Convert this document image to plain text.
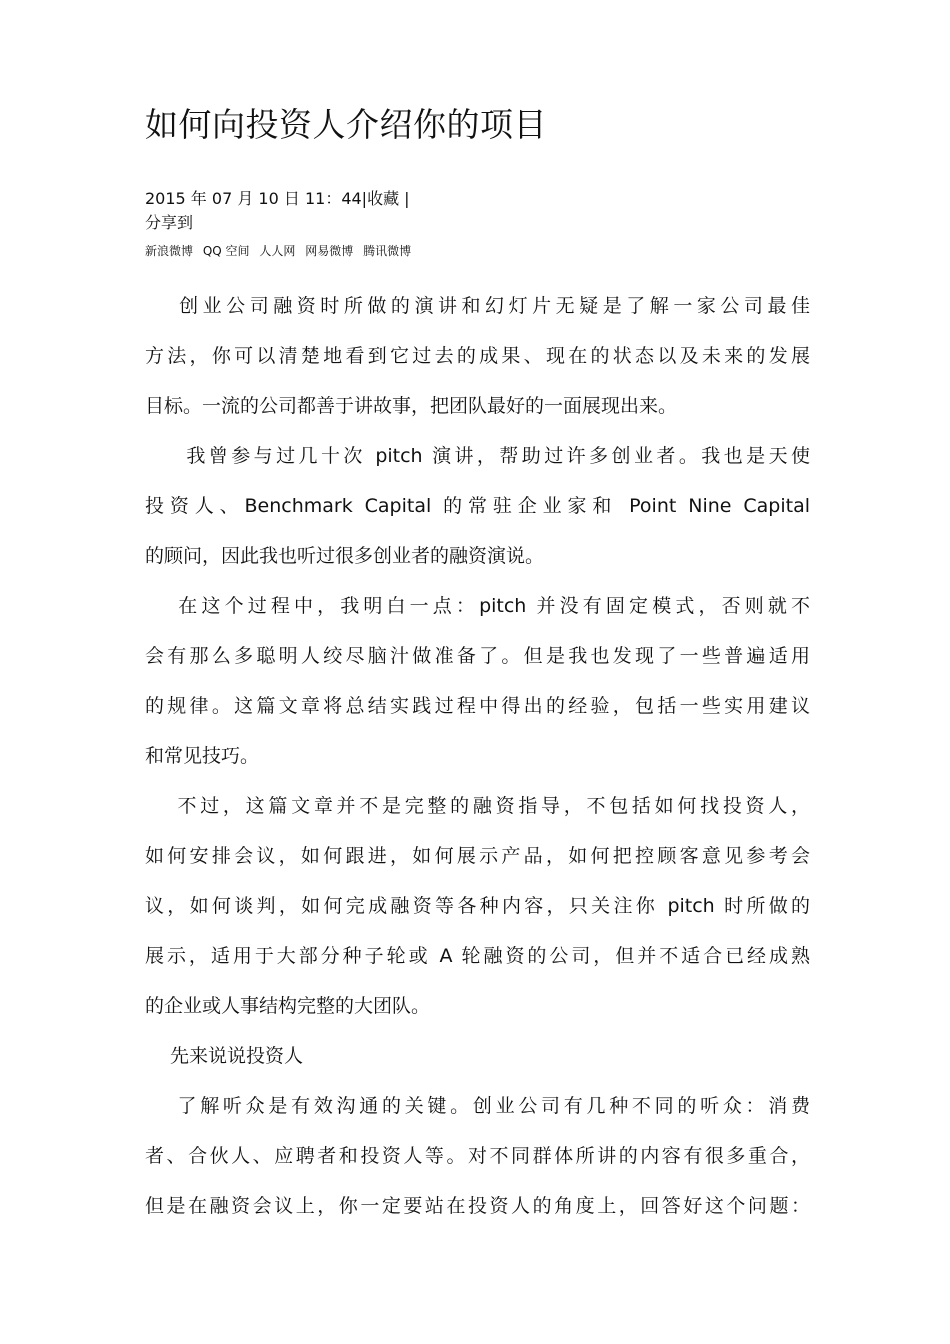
如何向投资人介绍你的项目
2015 年 07 月 10 日 11：44|收藏 |
分享到
新浪微博 QQ 空间 人人网 网易微博 腾讯微博

　 创业公司融资时所做的演讲和幻灯片无疑是了解一家公司最佳
方法，你可以清楚地看到它过去的成果、现在的状态以及未来的发展
目标。一流的公司都善于讲故事，把团队最好的一面展现出来。

　  我曾参与过几十次 pitch 演讲，帮助过许多创业者。我也是天使
投资人、Benchmark Capital 的常驻企业家和 Point Nine Capital
的顾问，因此我也听过很多创业者的融资演说。

　 在这个过程中，我明白一点：pitch 并没有固定模式，否则就不
会有那么多聪明人绞尽脑汁做准备了。但是我也发现了一些普遍适用
的规律。这篇文章将总结实践过程中得出的经验，包括一些实用建议
和常见技巧。

　 不过，这篇文章并不是完整的融资指导，不包括如何找投资人，
如何安排会议，如何跟进，如何展示产品，如何把控顾客意见参考会
议，如何谈判，如何完成融资等各种内容，只关注你 pitch 时所做的
展示，适用于大部分种子轮或 A 轮融资的公司，但并不适合已经成熟
的企业或人事结构完整的大团队。

　 先来说说投资人

　 了解听众是有效沟通的关键。创业公司有几种不同的听众：消费
者、合伙人、应聘者和投资人等。对不同群体所讲的内容有很多重合，
但是在融资会议上，你一定要站在投资人的角度上，回答好这个问题：
